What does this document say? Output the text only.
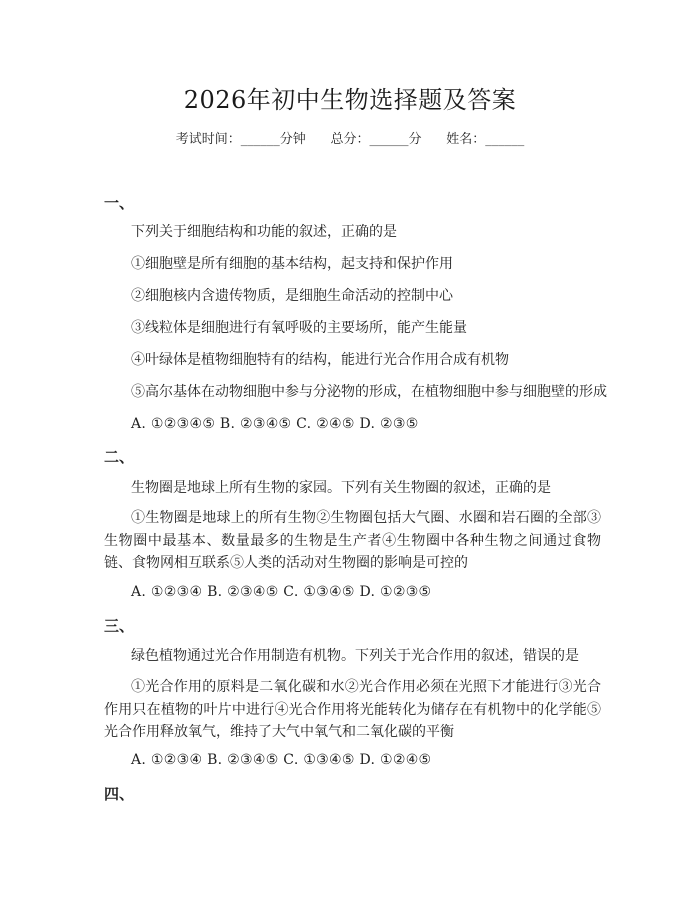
2026年初中生物选择题及答案
考试时间：______分钟      总分：______分      姓名：______
一、
下列关于细胞结构和功能的叙述，正确的是
①细胞壁是所有细胞的基本结构，起支持和保护作用
②细胞核内含遗传物质，是细胞生命活动的控制中心
③线粒体是细胞进行有氧呼吸的主要场所，能产生能量
④叶绿体是植物细胞特有的结构，能进行光合作用合成有机物
⑤高尔基体在动物细胞中参与分泌物的形成，在植物细胞中参与细胞壁的形成
A. ①②③④⑤ B. ②③④⑤ C. ②④⑤ D. ②③⑤
二、
生物圈是地球上所有生物的家园。下列有关生物圈的叙述，正确的是

①生物圈是地球上的所有生物②生物圈包括大气圈、水圈和岩石圈的全部③生物圈中最基本、数量最多的生物是生产者④生物圈中各种生物之间通过食物链、食物网相互联系⑤人类的活动对生物圈的影响是可控的

A. ①②③④ B. ②③④⑤ C. ①③④⑤ D. ①②③⑤
三、
绿色植物通过光合作用制造有机物。下列关于光合作用的叙述，错误的是

①光合作用的原料是二氧化碳和水②光合作用必须在光照下才能进行③光合作用只在植物的叶片中进行④光合作用将光能转化为储存在有机物中的化学能⑤光合作用释放氧气，维持了大气中氧气和二氧化碳的平衡

A. ①②③④ B. ②③④⑤ C. ①③④⑤ D. ①②④⑤
四、
